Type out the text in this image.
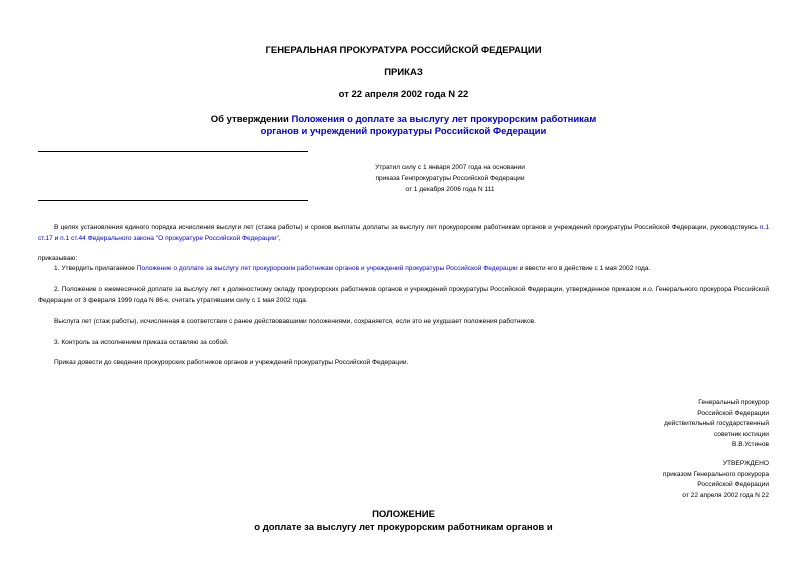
ГЕНЕРАЛЬНАЯ ПРОКУРАТУРА РОССИЙСКОЙ ФЕДЕРАЦИИ
ПРИКАЗ
от 22 апреля 2002 года N 22
Об утверждении Положения о доплате за выслугу лет прокурорским работникам
органов и учреждений прокуратуры Российской Федерации
Утратил силу с 1 января 2007 года на основании
приказа Генпрокуратуры Российской Федерации
от 1 декабря 2006 года N 111
В целях установления единого порядка исчисления выслуги лет (стажа работы) и сроков выплаты доплаты за выслугу лет прокурорским работникам органов и учреждений прокуратуры Российской Федерации, руководствуясь п.1 ст.17 и п.1 ст.44 Федерального закона "О прокуратуре Российской Федерации",
приказываю:
1. Утвердить прилагаемое Положение о доплате за выслугу лет прокурорским работникам органов и учреждений прокуратуры Российской Федерации и ввести его в действие с 1 мая 2002 года.
2. Положение о ежемесячной доплате за выслугу лет к должностному окладу прокурорских работников органов и учреждений прокуратуры Российской Федерации, утвержденное приказом и.о. Генерального прокурора Российской Федерации от 3 февраля 1999 года N 86-к, считать утратившим силу с 1 мая 2002 года.
Выслуга лет (стаж работы), исчисленная в соответствии с ранее действовавшими положениями, сохраняется, если это не ухудшает положения работников.
3. Контроль за исполнением приказа оставляю за собой.
Приказ довести до сведения прокурорских работников органов и учреждений прокуратуры Российской Федерации.
Генеральный прокурор
Российской Федерации
действительный государственный
советник юстиции
В.В.Устинов
УТВЕРЖДЕНО
приказом Генерального прокурора
Российской Федерации
от 22 апреля 2002 года N 22
ПОЛОЖЕНИЕ
о доплате за выслугу лет прокурорским работникам органов и
